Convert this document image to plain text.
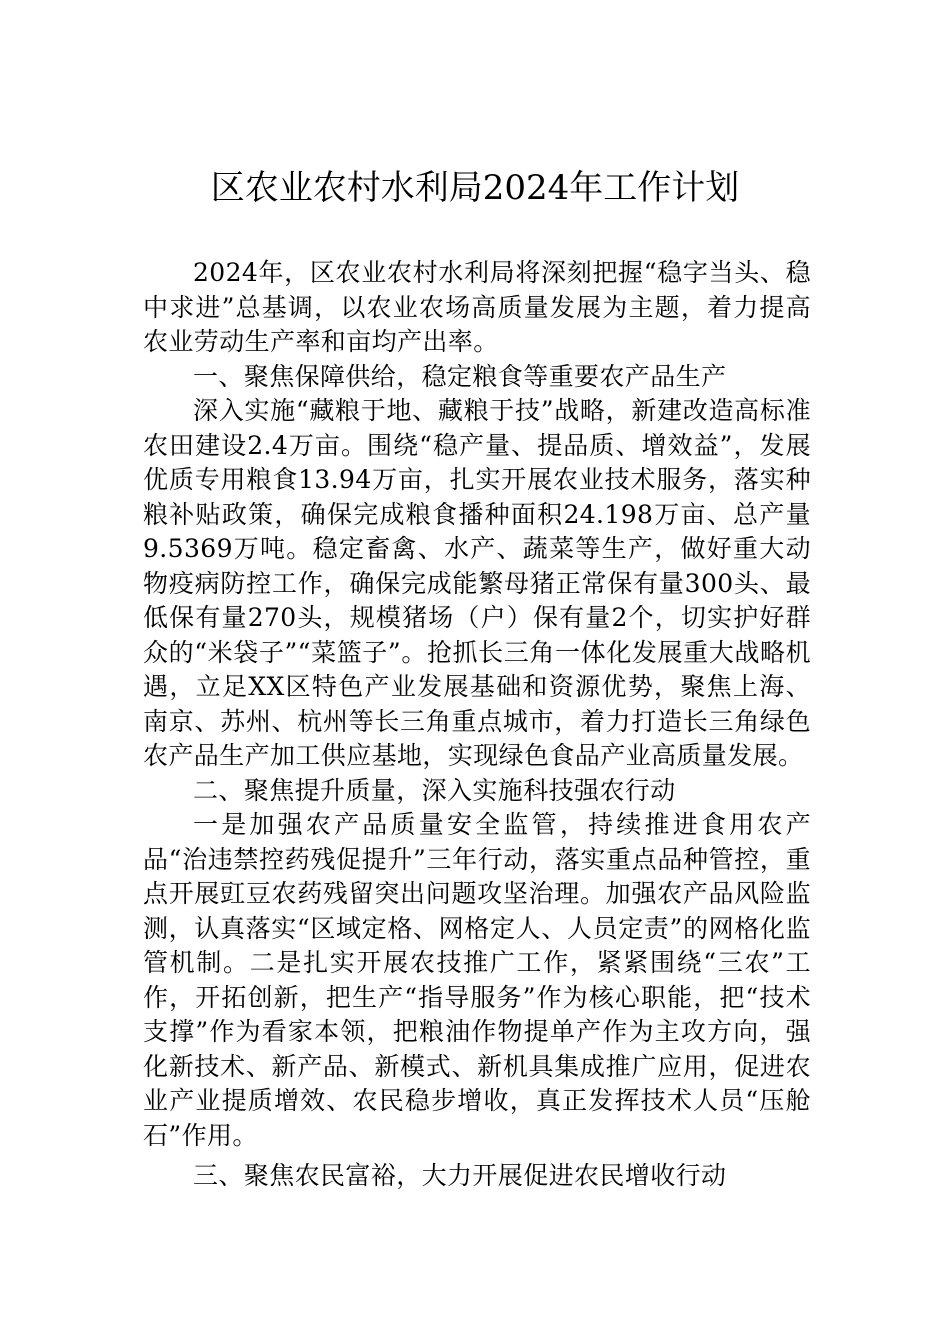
区农业农村水利局2024年工作计划

2024年，区农业农村水利局将深刻把握“稳字当头、稳中求进”总基调，以农业农场高质量发展为主题，着力提高农业劳动生产率和亩均产出率。

一、聚焦保障供给，稳定粮食等重要农产品生产

深入实施“藏粮于地、藏粮于技”战略，新建改造高标准农田建设2.4万亩。围绕“稳产量、提品质、增效益”，发展优质专用粮食13.94万亩，扎实开展农业技术服务，落实种粮补贴政策，确保完成粮食播种面积24.198万亩、总产量9.5369万吨。稳定畜禽、水产、蔬菜等生产，做好重大动物疫病防控工作，确保完成能繁母猪正常保有量300头、最低保有量270头，规模猪场（户）保有量2个，切实护好群众的“米袋子”“菜篮子”。抢抓长三角一体化发展重大战略机遇，立足XX区特色产业发展基础和资源优势，聚焦上海、南京、苏州、杭州等长三角重点城市，着力打造长三角绿色农产品生产加工供应基地，实现绿色食品产业高质量发展。

二、聚焦提升质量，深入实施科技强农行动

一是加强农产品质量安全监管，持续推进食用农产品“治违禁控药残促提升”三年行动，落实重点品种管控，重点开展豇豆农药残留突出问题攻坚治理。加强农产品风险监测，认真落实“区域定格、网格定人、人员定责”的网格化监管机制。二是扎实开展农技推广工作，紧紧围绕“三农”工作，开拓创新，把生产“指导服务”作为核心职能，把“技术支撑”作为看家本领，把粮油作物提单产作为主攻方向，强化新技术、新产品、新模式、新机具集成推广应用，促进农业产业提质增效、农民稳步增收，真正发挥技术人员“压舱石”作用。

三、聚焦农民富裕，大力开展促进农民增收行动
